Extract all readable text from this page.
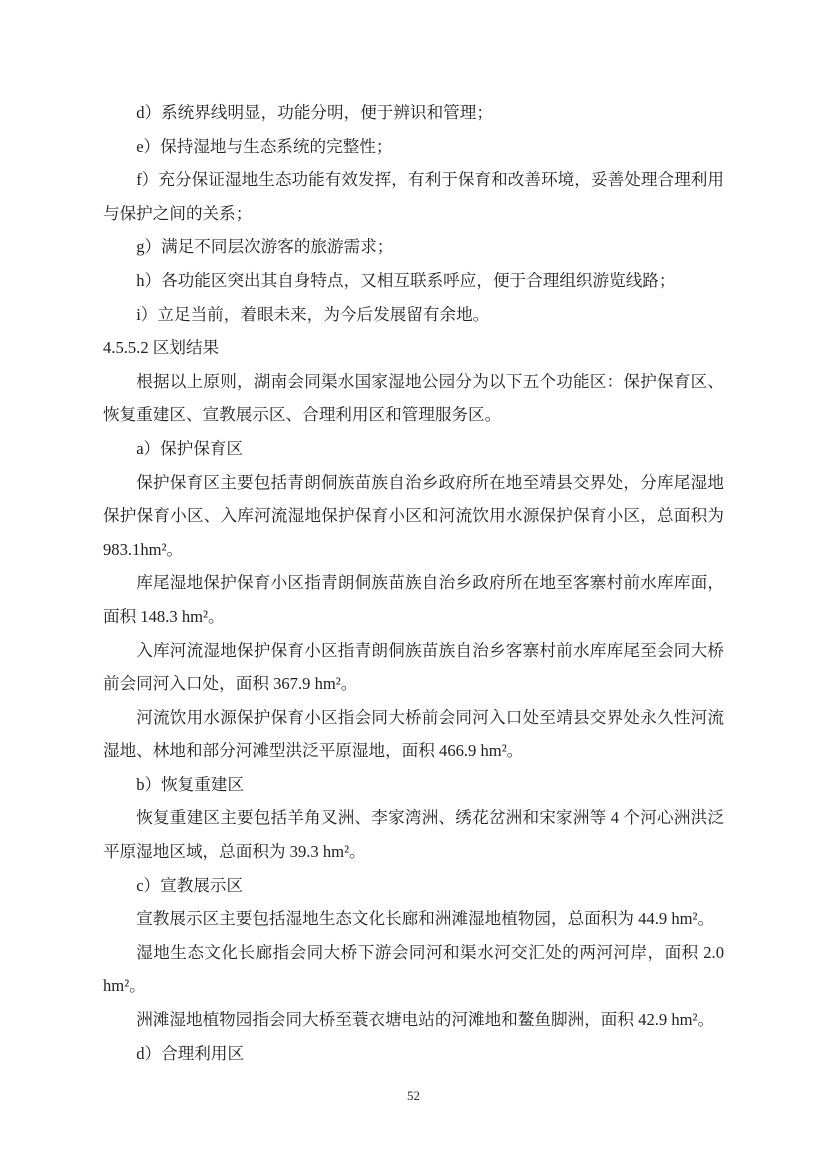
d）系统界线明显，功能分明，便于辨识和管理；

e）保持湿地与生态系统的完整性；

f）充分保证湿地生态功能有效发挥，有利于保育和改善环境，妥善处理合理利用与保护之间的关系；

g）满足不同层次游客的旅游需求；

h）各功能区突出其自身特点，又相互联系呼应，便于合理组织游览线路；

i）立足当前，着眼未来，为今后发展留有余地。

4.5.5.2 区划结果

根据以上原则，湖南会同渠水国家湿地公园分为以下五个功能区：保护保育区、恢复重建区、宣教展示区、合理利用区和管理服务区。

a）保护保育区

保护保育区主要包括青朗侗族苗族自治乡政府所在地至靖县交界处，分库尾湿地保护保育小区、入库河流湿地保护保育小区和河流饮用水源保护保育小区，总面积为983.1hm²。

库尾湿地保护保育小区指青朗侗族苗族自治乡政府所在地至客寨村前水库库面，面积 148.3 hm²。

入库河流湿地保护保育小区指青朗侗族苗族自治乡客寨村前水库库尾至会同大桥前会同河入口处，面积 367.9 hm²。

河流饮用水源保护保育小区指会同大桥前会同河入口处至靖县交界处永久性河流湿地、林地和部分河滩型洪泛平原湿地，面积 466.9 hm²。

b）恢复重建区

恢复重建区主要包括羊角叉洲、李家湾洲、绣花岔洲和宋家洲等 4 个河心洲洪泛平原湿地区域，总面积为 39.3 hm²。

c）宣教展示区

宣教展示区主要包括湿地生态文化长廊和洲滩湿地植物园，总面积为 44.9 hm²。

湿地生态文化长廊指会同大桥下游会同河和渠水河交汇处的两河河岸，面积 2.0 hm²。

洲滩湿地植物园指会同大桥至蓑衣塘电站的河滩地和鳌鱼脚洲，面积 42.9 hm²。

d）合理利用区

52
